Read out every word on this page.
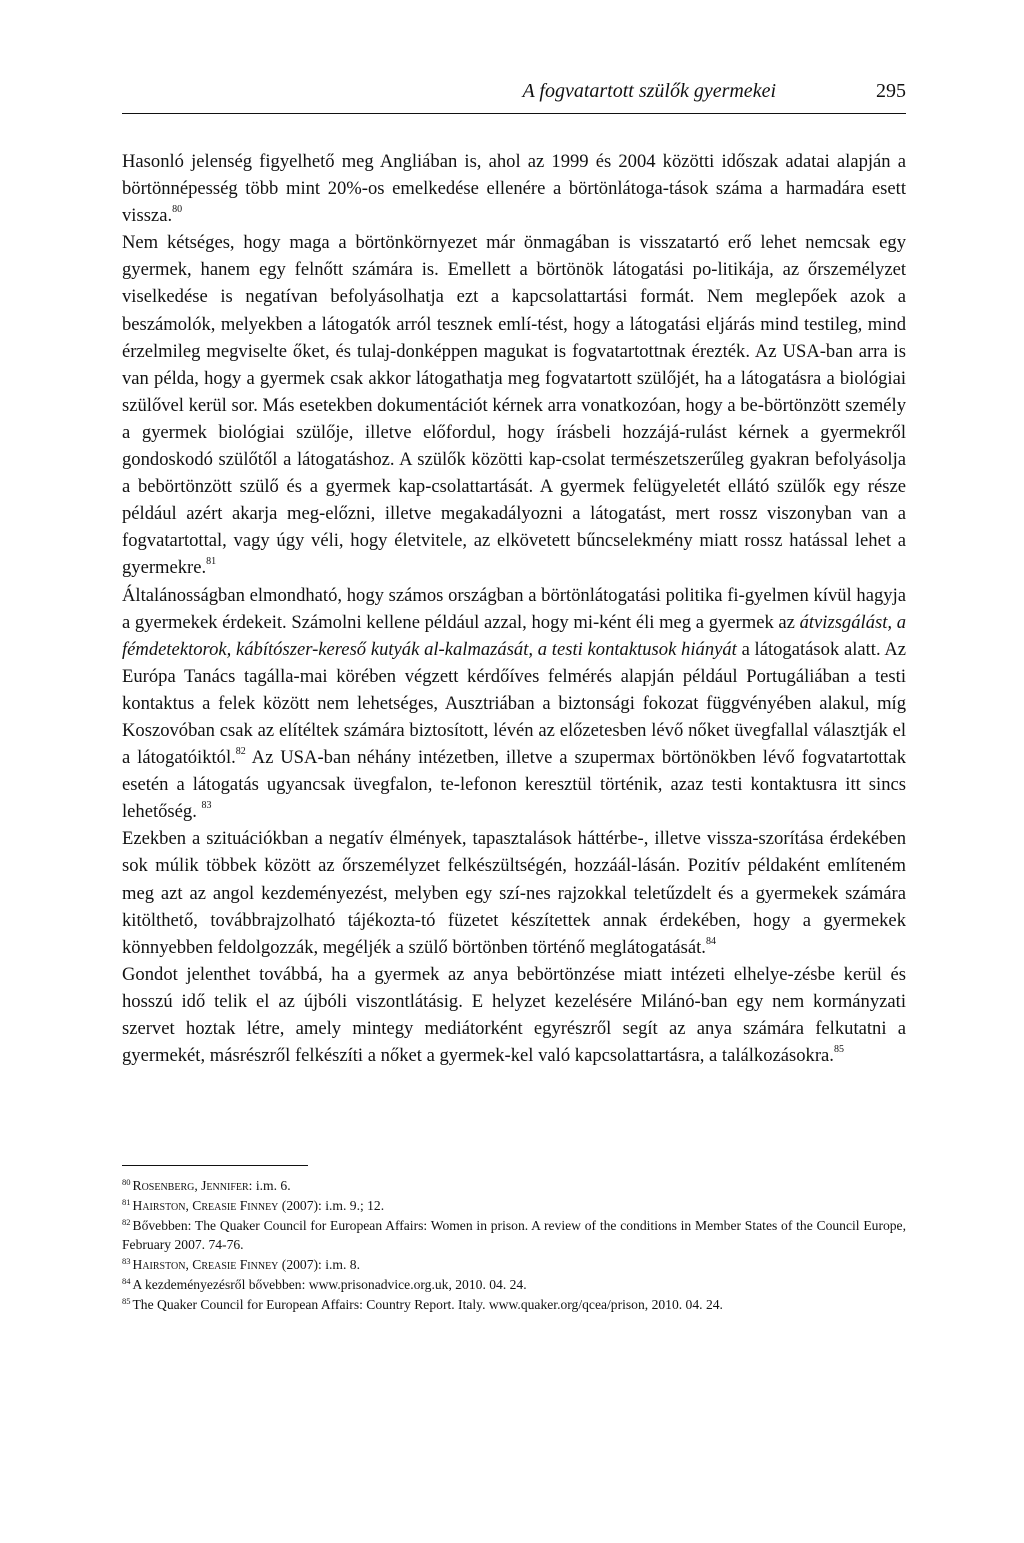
A fogvatartott szülők gyermekei	295

Hasonló jelenség figyelhető meg Angliában is, ahol az 1999 és 2004 közötti időszak adatai alapján a börtönnépesség több mint 20%-os emelkedése ellenére a börtönlátoga-tások száma a harmadára esett vissza.$^{80}$

Nem kétséges, hogy maga a börtönkörnyezet már önmagában is visszatartó erő lehet nemcsak egy gyermek, hanem egy felnőtt számára is. Emellett a börtönök látogatási po-litikája, az őrszemélyzet viselkedése is negatívan befolyásolhatja ezt a kapcsolattartási formát. Nem meglepőek azok a beszámolók, melyekben a látogatók arról tesznek emlí-tést, hogy a látogatási eljárás mind testileg, mind érzelmileg megviselte őket, és tulaj-donképpen magukat is fogvatartottnak érezték. Az USA-ban arra is van példa, hogy a gyermek csak akkor látogathatja meg fogvatartott szülőjét, ha a látogatásra a biológiai szülővel kerül sor. Más esetekben dokumentációt kérnek arra vonatkozóan, hogy a be-börtönzött személy a gyermek biológiai szülője, illetve előfordul, hogy írásbeli hozzájá-rulást kérnek a gyermekről gondoskodó szülőtől a látogatáshoz. A szülők közötti kap-csolat természetszerűleg gyakran befolyásolja a bebörtönzött szülő és a gyermek kap-csolattartását. A gyermek felügyeletét ellátó szülők egy része például azért akarja meg-előzni, illetve megakadályozni a látogatást, mert rossz viszonyban van a fogvatartottal, vagy úgy véli, hogy életvitele, az elkövetett bűncselekmény miatt rossz hatással lehet a gyermekre.$^{81}$

Általánosságban elmondható, hogy számos országban a börtönlátogatási politika fi-gyelmen kívül hagyja a gyermekek érdekeit. Számolni kellene például azzal, hogy mi-ként éli meg a gyermek az átvizsgálást, a fémdetektorok, kábítószer-kereső kutyák al-kalmazását, a testi kontaktusok hiányát a látogatások alatt. Az Európa Tanács tagálla-mai körében végzett kérdőíves felmérés alapján például Portugáliában a testi kontaktus a felek között nem lehetséges, Ausztriában a biztonsági fokozat függvényében alakul, míg Koszovóban csak az elítéltek számára biztosított, lévén az előzetesben lévő nőket üvegfallal választják el a látogatóiktól.$^{82}$ Az USA-ban néhány intézetben, illetve a szupermax börtönökben lévő fogvatartottak esetén a látogatás ugyancsak üvegfalon, te-lefonon keresztül történik, azaz testi kontaktusra itt sincs lehetőség. $^{83}$

Ezekben a szituációkban a negatív élmények, tapasztalások háttérbe-, illetve vissza-szorítása érdekében sok múlik többek között az őrszemélyzet felkészültségén, hozzáál-lásán. Pozitív példaként említeném meg azt az angol kezdeményezést, melyben egy szí-nes rajzokkal teletűzdelt és a gyermekek számára kitölthető, továbbrajzolható tájékozta-tó füzetet készítettek annak érdekében, hogy a gyermekek könnyebben feldolgozzák, megéljék a szülő börtönben történő meglátogatását.$^{84}$

Gondot jelenthet továbbá, ha a gyermek az anya bebörtönzése miatt intézeti elhelye-zésbe kerül és hosszú idő telik el az újbóli viszontlátásig. E helyzet kezelésére Milánó-ban egy nem kormányzati szervet hoztak létre, amely mintegy mediátorként egyrészről segít az anya számára felkutatni a gyermekét, másrészről felkészíti a nőket a gyermek-kel való kapcsolattartásra, a találkozásokra.$^{85}$

$^{80}$ Rosenberg, Jennifer: i.m. 6.

$^{81}$ Hairston, Creasie Finney (2007): i.m. 9.; 12.

$^{82}$ Bővebben: The Quaker Council for European Affairs: Women in prison. A review of the conditions in Member States of the Council Europe, February 2007. 74-76.

$^{83}$ Hairston, Creasie Finney (2007): i.m. 8.

$^{84}$ A kezdeményezésről bővebben: www.prisonadvice.org.uk, 2010. 04. 24.

$^{85}$ The Quaker Council for European Affairs: Country Report. Italy. www.quaker.org/qcea/prison, 2010. 04. 24.
